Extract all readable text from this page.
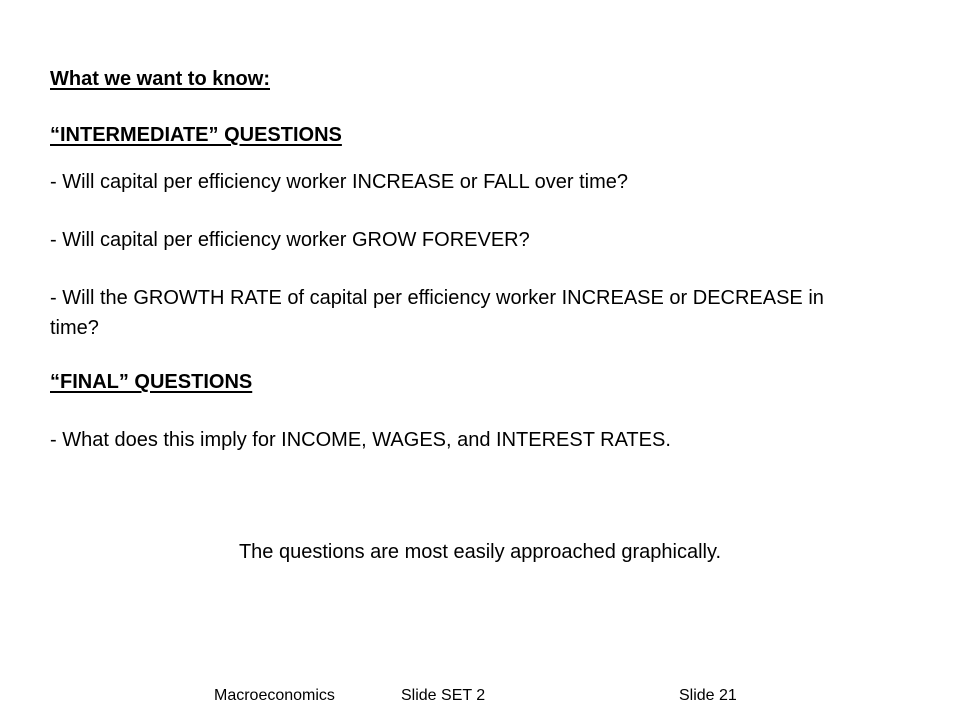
What we want to know:
“INTERMEDIATE” QUESTIONS
- Will capital per efficiency worker INCREASE or FALL over time?
- Will capital per efficiency worker GROW FOREVER?
- Will the GROWTH RATE of capital per efficiency worker INCREASE or DECREASE in time?
“FINAL” QUESTIONS
- What does this imply for INCOME, WAGES, and INTEREST RATES.
The questions are most easily approached graphically.
Macroeconomics	Slide SET 2	Slide 21
